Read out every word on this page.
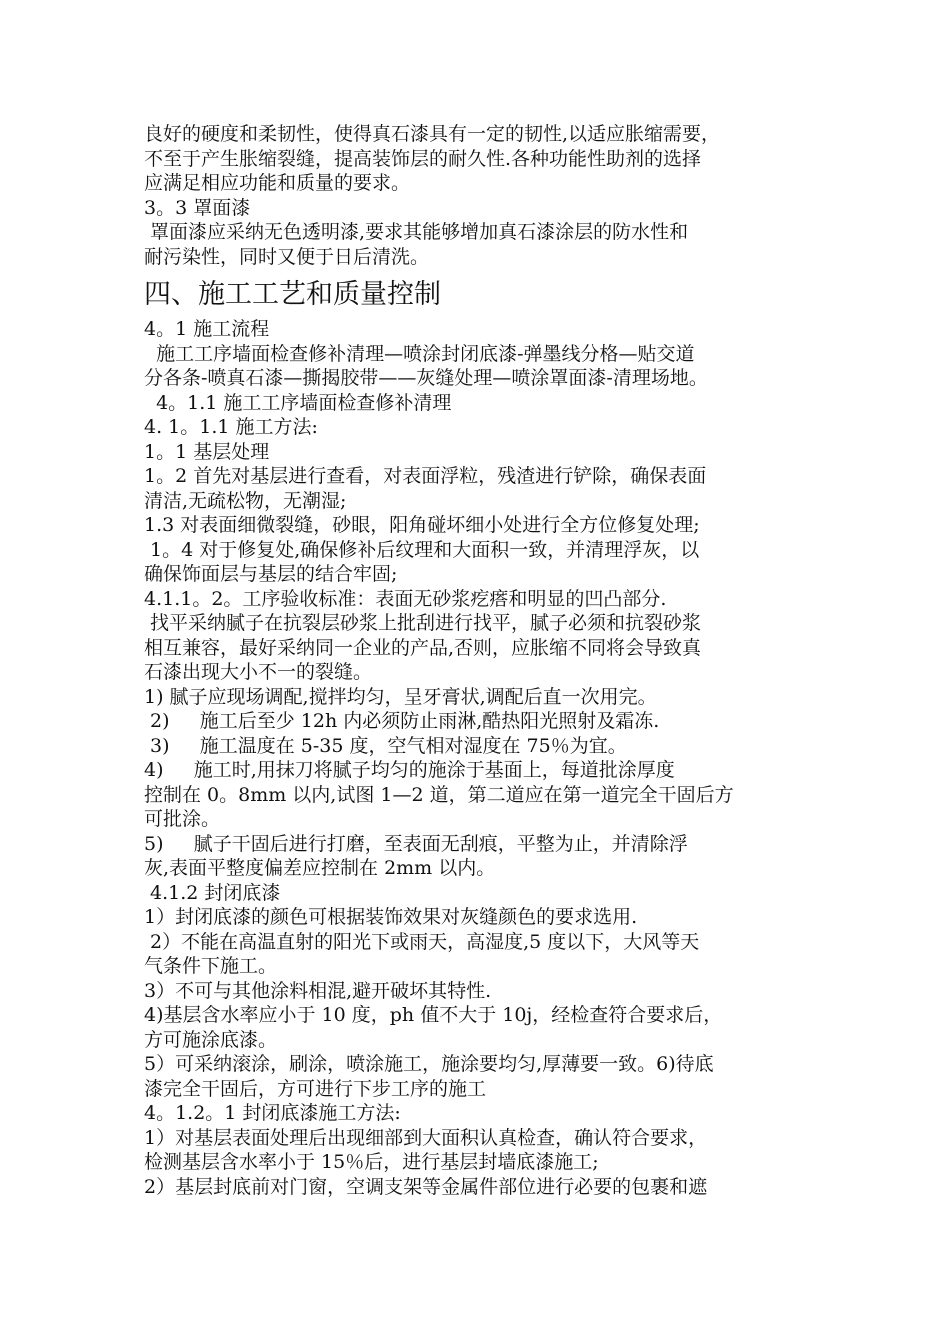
良好的硬度和柔韧性，使得真石漆具有一定的韧性,以适应胀缩需要，
不至于产生胀缩裂缝，提高装饰层的耐久性.各种功能性助剂的选择
应满足相应功能和质量的要求。
3。3 罩面漆
罩面漆应采纳无色透明漆,要求其能够增加真石漆涂层的防水性和
耐污染性，同时又便于日后清洗。
四、施工工艺和质量控制
4。1 施工流程
施工工序墙面检查修补清理—喷涂封闭底漆-弹墨线分格—贴交道
分各条-喷真石漆—撕揭胶带——灰缝处理—喷涂罩面漆-清理场地。
4。1.1 施工工序墙面检查修补清理
4. 1。1.1 施工方法:
1。1 基层处理
1。2 首先对基层进行查看，对表面浮粒，残渣进行铲除，确保表面
清洁,无疏松物，无潮湿;
1.3 对表面细微裂缝，砂眼，阳角碰坏细小处进行全方位修复处理;
1。4 对于修复处,确保修补后纹理和大面积一致，并清理浮灰，以
确保饰面层与基层的结合牢固;
4.1.1。2。工序验收标准：表面无砂浆疙瘩和明显的凹凸部分.
找平采纳腻子在抗裂层砂浆上批刮进行找平，腻子必须和抗裂砂浆
相互兼容，最好采纳同一企业的产品,否则，应胀缩不同将会导致真
石漆出现大小不一的裂缝。
1) 腻子应现场调配,搅拌均匀，呈牙膏状,调配后直一次用完。
2)     施工后至少 12h 内必须防止雨淋,酷热阳光照射及霜冻.
3)     施工温度在 5-35 度，空气相对湿度在 75％为宜。
4)     施工时,用抹刀将腻子均匀的施涂于基面上，每道批涂厚度
控制在 0。8mm 以内,试图 1—2 道，第二道应在第一道完全干固后方
可批涂。
5)     腻子干固后进行打磨，至表面无刮痕，平整为止，并清除浮
灰,表面平整度偏差应控制在 2mm 以内。
4.1.2 封闭底漆
1）封闭底漆的颜色可根据装饰效果对灰缝颜色的要求选用.
2）不能在高温直射的阳光下或雨天，高湿度,5 度以下，大风等天
气条件下施工。
3）不可与其他涂料相混,避开破坏其特性.
4)基层含水率应小于 10 度，ph 值不大于 10j，经检查符合要求后，
方可施涂底漆。
5）可采纳滚涂，刷涂，喷涂施工，施涂要均匀,厚薄要一致。6)待底
漆完全干固后，方可进行下步工序的施工
4。1.2。1 封闭底漆施工方法:
1）对基层表面处理后出现细部到大面积认真检查，确认符合要求，
检测基层含水率小于 15％后，进行基层封墙底漆施工;
2）基层封底前对门窗，空调支架等金属件部位进行必要的包裹和遮
